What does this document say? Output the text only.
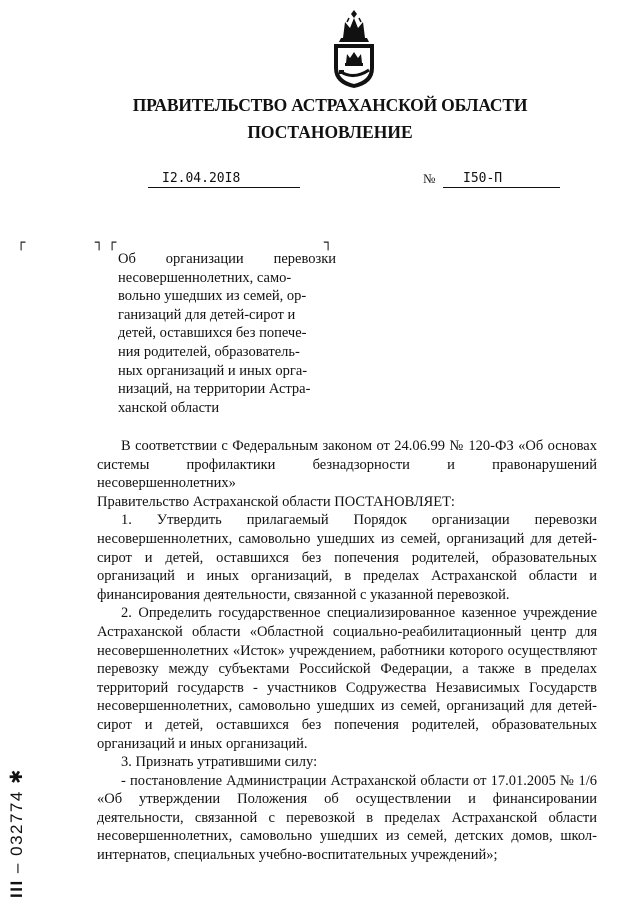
ПРАВИТЕЛЬСТВО АСТРАХАНСКОЙ ОБЛАСТИ
ПОСТАНОВЛЕНИЕ
I2.04.20I8	№	I50-П
┌	┐ ┌	┐
Об организации перевозки несовершеннолетних, само-
вольно ушедших из семей, ор-
ганизаций для детей-сирот и
детей, оставшихся без попече-
ния родителей, образователь-
ных организаций и иных орга-
низаций, на территории Астра-
ханской области

В соответствии с Федеральным законом от 24.06.99 № 120-ФЗ «Об основах системы профилактики безнадзорности и правонарушений несовершеннолетних»

Правительство Астраханской области ПОСТАНОВЛЯЕТ:

1. Утвердить прилагаемый Порядок организации перевозки несовершеннолетних, самовольно ушедших из семей, организаций для детей-сирот и детей, оставшихся без попечения родителей, образовательных организаций и иных организаций, в пределах Астраханской области и финансирования деятельности, связанной с указанной перевозкой.

2. Определить государственное специализированное казенное учреждение Астраханской области «Областной социально-реабилитационный центр для несовершеннолетних «Исток» учреждением, работники которого осуществляют перевозку между субъектами Российской Федерации, а также в пределах территорий государств - участников Содружества Независимых Государств несовершеннолетних, самовольно ушедших из семей, организаций для детей-сирот и детей, оставшихся без попечения родителей, образовательных организаций и иных организаций.

3. Признать утратившими силу:

- постановление Администрации Астраханской области от 17.01.2005 № 1/6 «Об утверждении Положения об осуществлении и финансировании деятельности, связанной с перевозкой в пределах Астраханской области несовершеннолетних, самовольно ушедших из семей, детских домов, школ-интернатов, специальных учебно-воспитательных учреждений»;

ІІІ – 032774 ✱
